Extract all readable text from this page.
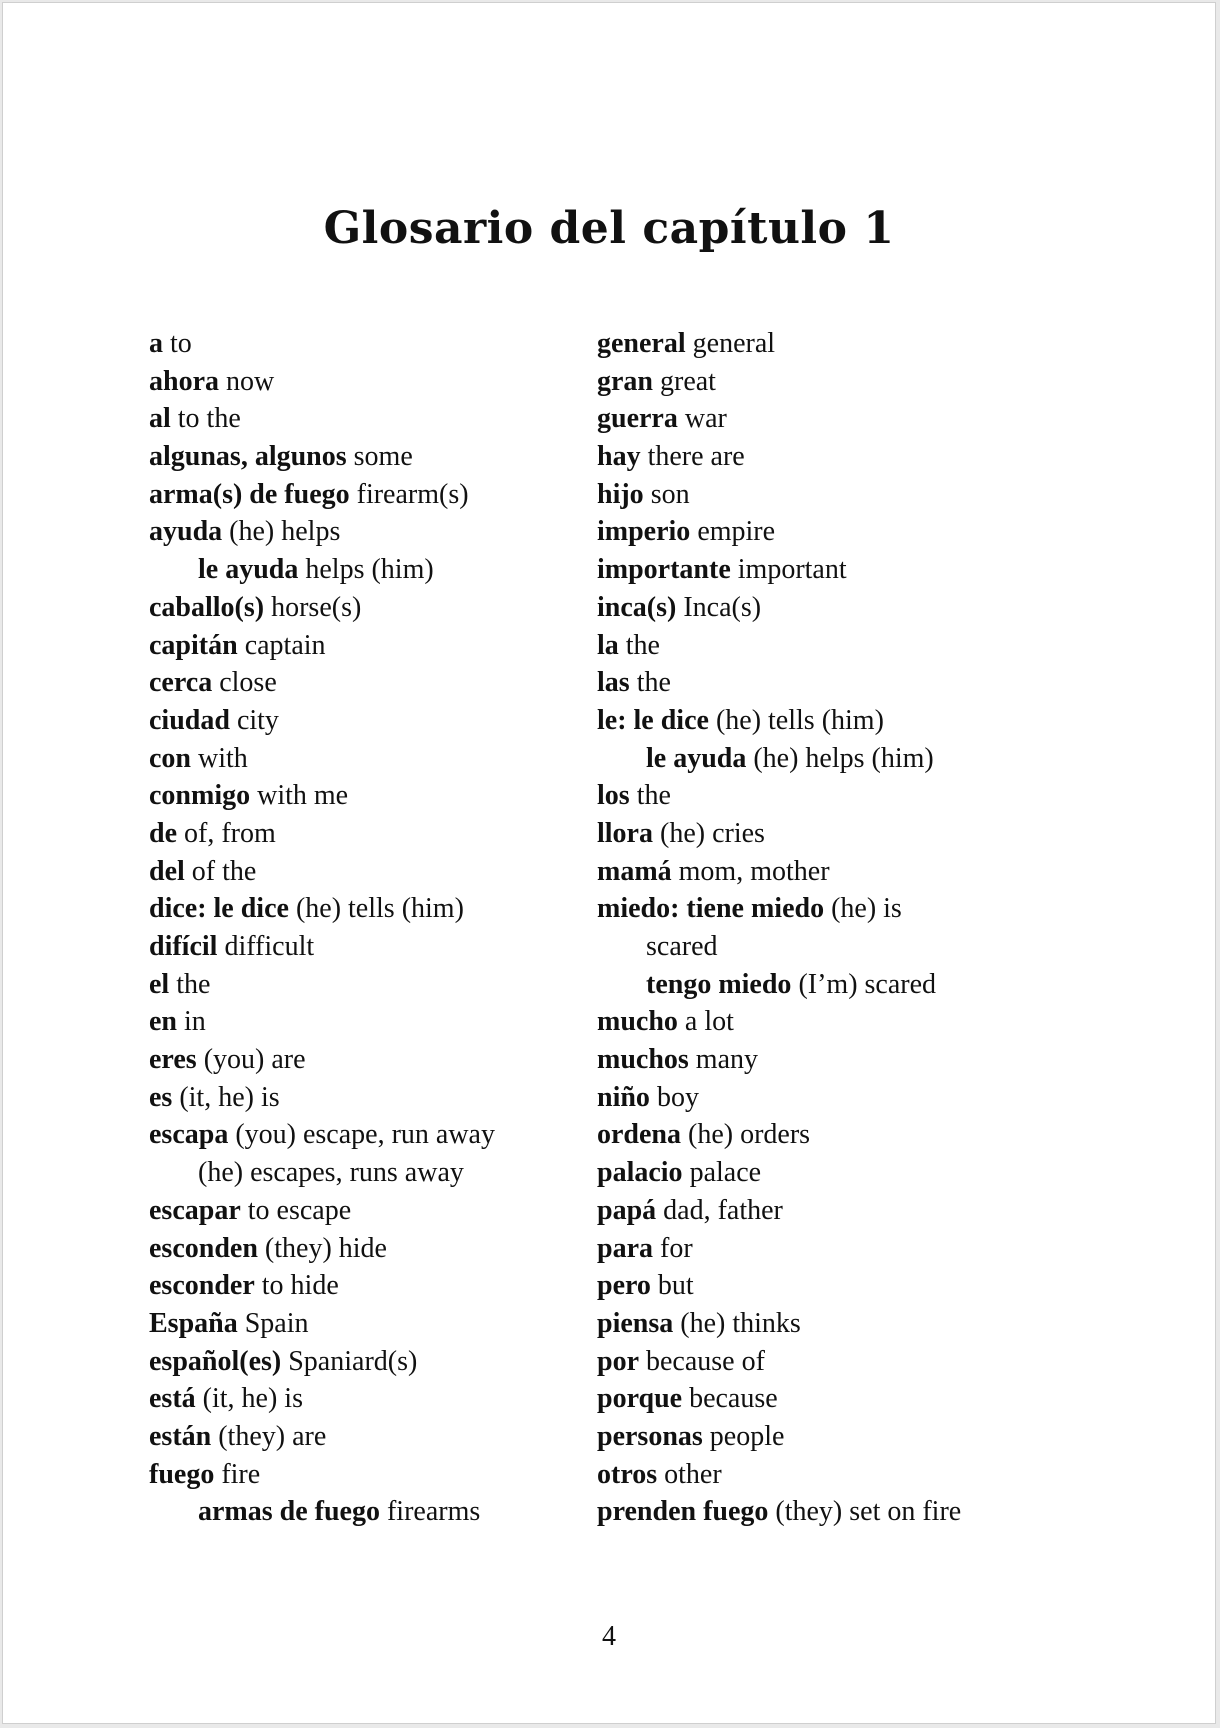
Glosario del capítulo 1
a to
ahora now
al to the
algunas, algunos some
arma(s) de fuego firearm(s)
ayuda (he) helps
le ayuda helps (him)
caballo(s) horse(s)
capitán captain
cerca close
ciudad city
con with
conmigo with me
de of, from
del of the
dice: le dice (he) tells (him)
difícil difficult
el the
en in
eres (you) are
es (it, he) is
escapa (you) escape, run away
(he) escapes, runs away
escapar to escape
esconden (they) hide
esconder to hide
España Spain
español(es) Spaniard(s)
está (it, he) is
están (they) are
fuego fire
armas de fuego firearms
general general
gran great
guerra war
hay there are
hijo son
imperio empire
importante important
inca(s) Inca(s)
la the
las the
le: le dice (he) tells (him)
le ayuda (he) helps (him)
los the
llora (he) cries
mamá mom, mother
miedo: tiene miedo (he) is
scared
tengo miedo (I’m) scared
mucho a lot
muchos many
niño boy
ordena (he) orders
palacio palace
papá dad, father
para for
pero but
piensa (he) thinks
por because of
porque because
personas people
otros other
prenden fuego (they) set on fire
4
